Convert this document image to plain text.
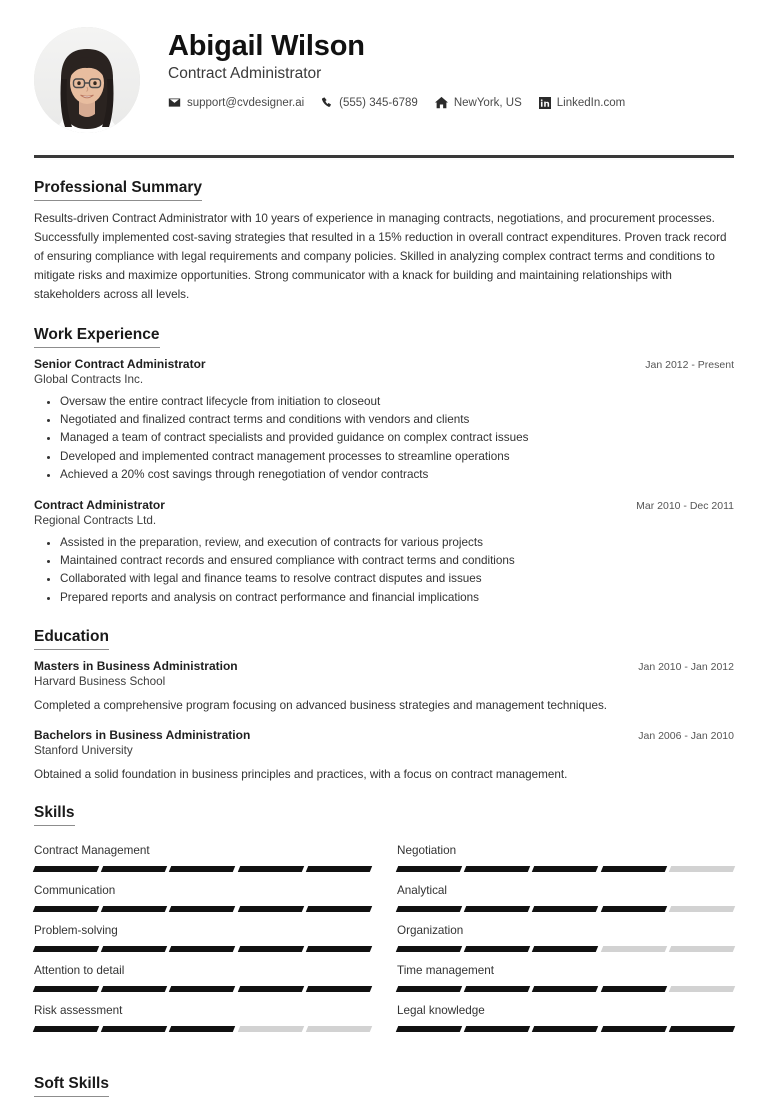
Abigail Wilson
Contract Administrator
support@cvdesigner.ai	(555) 345-6789	NewYork, US	LinkedIn.com
Professional Summary

Results-driven Contract Administrator with 10 years of experience in managing contracts, negotiations, and procurement processes. Successfully implemented cost-saving strategies that resulted in a 15% reduction in overall contract expenditures. Proven track record of ensuring compliance with legal requirements and company policies. Skilled in analyzing complex contract terms and conditions to mitigate risks and maximize opportunities. Strong communicator with a knack for building and maintaining relationships with stakeholders across all levels.

Work Experience
Senior Contract Administrator	Jan 2012 - Present
Global Contracts Inc.
• Oversaw the entire contract lifecycle from initiation to closeout
• Negotiated and finalized contract terms and conditions with vendors and clients
• Managed a team of contract specialists and provided guidance on complex contract issues
• Developed and implemented contract management processes to streamline operations
• Achieved a 20% cost savings through renegotiation of vendor contracts
Contract Administrator	Mar 2010 - Dec 2011
Regional Contracts Ltd.
• Assisted in the preparation, review, and execution of contracts for various projects
• Maintained contract records and ensured compliance with contract terms and conditions
• Collaborated with legal and finance teams to resolve contract disputes and issues
• Prepared reports and analysis on contract performance and financial implications
Education
Masters in Business Administration	Jan 2010 - Jan 2012
Harvard Business School
Completed a comprehensive program focusing on advanced business strategies and management techniques.
Bachelors in Business Administration	Jan 2006 - Jan 2010
Stanford University
Obtained a solid foundation in business principles and practices, with a focus on contract management.
Skills
Contract Management	Negotiation
Communication	Analytical
Problem-solving	Organization
Attention to detail	Time management
Risk assessment	Legal knowledge
Soft Skills
